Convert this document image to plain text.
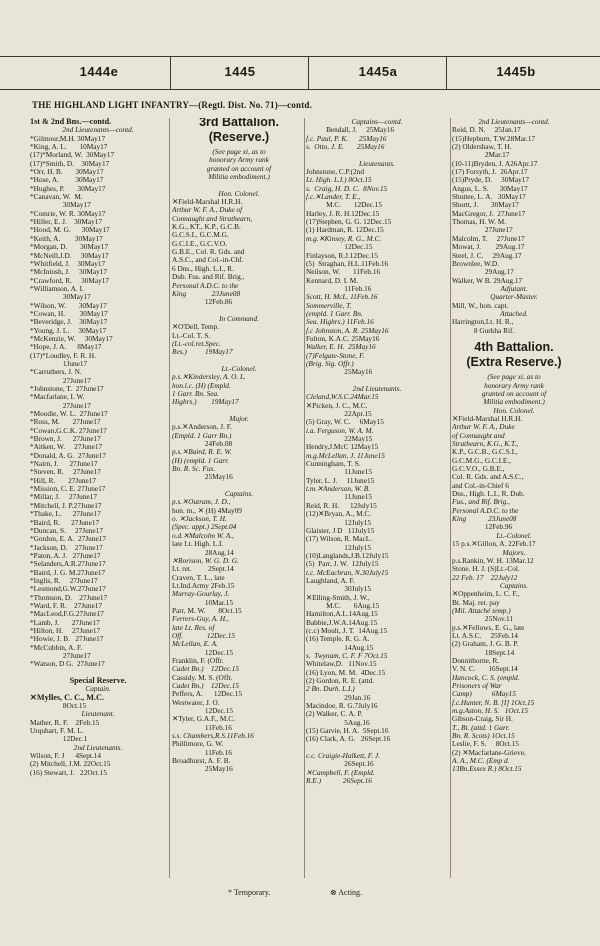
1444e	1445	1445a	1445b
THE HIGHLAND LIGHT INFANTRY—(Regtl. Dist. No. 71)—contd.
1st & 2nd Bns.—contd.
2nd Lieutenants—contd.
*Gilmour,M.H. 30May17
*King, A. L.       10May17
(17)*Morland, W.  30May17
(17)*Smith, D.    30May17
*Orr, H. B.       30May17
*Hose, A.         30May17
*Hughes, P.       30May17
*Canavan, W.  M.
30May17
*Comrie, W. R. 30May17
*Hiller, E. J.    30May17
*Hood, M. G.      30May17
*Keith, A.        30May17
*Morgan, D.       30May17
*McNeill,J.D.     30May17
*Whitfield, J.    30May17
*McIntosh, J.     30May17
*Crawford, R.     30May17
*Williamson, A. I.
30May17
*Wilson, W.       30May17
*Cowan, H.        30May17
*Beveridge, J.    30May17
*Young, J. L.     30May17
*McKenzie, W.     30May17
*Hope, J. A.      8May17
(17)*Loudley, F. R. H.
1June17
*Carruthers, J. N.
27June17
*Johnstone, T.  27June17
*Macfarlane, I. W.
27June17
*Moodie, W. L.  27June17
*Ross, M.       27June17
*Cowan,G.C.K. 27June17
*Brown, J.      27June17
*Aitken, W.     27June17
*Donald, A. G.  27June17
*Nairn, J.      27June17
*Steven, R.     27June17
*Hill, R.       27June17
*Mission, C. E. 27June17
*Millar, J.     27June17
*Mitchell, J. P.27June17
*Thake, L.      27June17
*Baird, R.      27June17
*Duncan, S.     27June17
*Gordon, E. A.  27June17
*Jackson, D.    27June17
*Paton, A. J.   27June17
*Selanders,A.R.27June17
*Baird, J. G. M.27June17
*Inglis, R.     27June17
*Lesmond,G.W.27June17
*Thomson, D.    27June17
*Ward, F. R.    27June17
*MacLeod,F.G.27June17
*Lamb, J.       27June17
*Hilton, H.     27June17
*Howie, J. B.   27June17
*McCubbin, A. F.
27June17
*Watson, D G.  27June17

Special Reserve.
Captain.
✕Mylles, C. C., M.C.
8Oct.15
Lieutenant.
Mather, R. F.    2Feb.15
Urquhart, F. M. L.
12Dec.1
2nd Lieutenants.
Wilson, F. J      4Sept.14
(2) Mitchell, J.M. 22Oct.15
(16) Stewart, J.   22Oct.15
3rd Battalion.
(Reserve.)
(See page xi, as to
honorary Army rank
granted on account of
Militia embodiment.)

Hon. Colonel.
✕Field-Marshal H.R.H.
Arthur W. F. A., Duke of
Connaught and Strathearn,
K.G., KT., K.P., G.C.B.
G.C.S.I., G.C.M.G.
G.C.I.E., G.C.V.O.
G.B.E., Col. R. Gds. and
A.S.C., and Col.-in-Chf.
6 Dns., High. L.I., R.
Dub. Fus. and Rif. Brig.,
Personal A.D.C. to the
King              23June08
12Feb.86

In Command.
✕O'Dell, Temp.
Lt.-Col. T. S.
(Lt.-col.ret.Spec.
Res.)          19May17

Lt.-Colonel.
p.s.✕Kindersley, A. O. L.
hon.l.c. (H) (Empld.
1 Garr. Bn. Sea.
Highrs.)        19May17

Major.
p.s.✕Anderson, J. F.
(Empld. 1 Garr Bn.)
24Feb.08
p.s.✕Baird, R. E. W.
(H) (empld. 1 Garr.
Bn. R. Sc. Fus.
25May16

Captains.
p.s.✕Outram, J. D.,
hon. m., ✕ (H) 4May09
o. ✕Jackson, T. H.
(Spec. appt.) 2Sept.04
o.d.✕Malcolm W. A.,
late Lt. High. L.I.
28Aug.14
✕Rorison, W. G. D. G.
Lt. ret.         2Sept.14
Craven, T. L., late
Lt.Ind.Army 2Feb.15
Murray-Gourlay, J.
10Mar.15
Parr, M. W.       8Oct.15
Ferrers-Guy, A. H.,
late Lt. Res. of
Off.             12Dec.15
McLellan, E. A.
12Dec.15
Franklin, F. (Offr.
Cadet Bn.)    12Dec.15
Cassidy. M. S. (Offr.
Cadet Bn.)    12Dec.15
Peffers, A.      12Dec.15
Westwater, J. O.
12Dec.15
✕Tyler, G.A.F., M.C.
11Feb.16
s.s. Chambers,R.S.11Feb.16
Phillimore, G. W.
11Feb.16
Broadhurst, A. F. B.
25May16
Captains—contd.
Bendall, J.     25May16
f.c. Paul, P. K.      25May16
s.  Otto, J. E.       25May16

Lieutenants.
Johnstone, C.P.(2nd
Lt. High. L.I.) 8Oct.15
s.  Craig, H. D. C.  8Nov.15
f.c.✕Lander, T. E.,
M.C.       12Dec.15
Harley, J. R. H.12Dec.15
(17)Stephen, G. G. 12Dec.15
(1) Hardman, R. 12Dec.15
m.g.✕Kinsey, R. G., M.C.
12Dec.15
Finlayson, R.J.12Dec.15
(5)  Straghan, H.L.11Feb.16
Neilson, W.       11Feb.16
Kennard, D. I. M.
11Feb.16
Scott, H. McL. 11Feb.16
Sommerville, T.
(empld. 1 Garr. Bn.
Sea. Highrs.) 11Feb.16
f.c Johnston, A. R. 25May16
Fulton, K.A.C. 25May16
Walker, E. H.  25May16
(7)Felgate-Stone, F.
(Brig. Sig. Offr.)
25May16

2nd Lieutenants.
Cleland,W.S.C.24Mar.15
✕Picken, J. C., M.C.
22Apr.15
(5) Gray, W. C.     6May15
i.a. Ferguson, W. A. M.
22May15
Hendry,J.McC 12May15
m.g.McLellan, J. 11June15
Cunningham, T. S.
11June15
Tyler, L. J.     11June15
t.m.✕Anderson, W. B.
11June15
Reid, R. H.      12July15
(12)✕Bryan, A., M.C.
12July15
Glaister, J D   11July15
(17) Wilson, R. MacL.
12July15
(10)Langlands,J.B.12July15
(5)  Parr, J. W.  12July15
t.c. McEachran, N.30July15
Laughland, A. F.
30July15
✕Elling-Smith, J. W.,
M.C.       6Aug.15
Hamilton,A.L.14Aug.15
Babbie,J.W.A.14Aug.15
(c.c) Moult, J. T.  14Aug.15
(16) Temple, R. G. A.
14Aug.15
s.  Twynam, C. F. F 7Oct.15
Whitelaw,D.   11Nov.15
(16) Lyon, M. M.  4Dec.15
(2) Gordon, R. E. (attd.
2 Bn. Durh. L.I.)
29Jan.16
Macindoe, R. G.7July16
(2) Walker, C. A. P.
5Aug.16
(15) Garvie, H. A.  5Sept.16
(16) Clark, A. G.   26Sept.16

c.c. Craigie-Halkett, F. J.
26Sept.16
✕Campbell, F. (Empld.
R.E.)            26Sept.16
2nd Lieutenants—contd.
Reid, D. N.     25Jan.17
(15)Hepburn, T.W.28Mar.17
(2) Oldershaw, T. H.
2Mar.17
(10-11)Bryden, J. A26Apr.17
(17) Forsyth, J.  26Apr.17
(15)Pryde, D.     30May17
Angus, L. S.      30May17
Shuttee, L. A.   30May17
Shortt, J.       30May17
MacGregor, J.  27June17
Thomas, H. W. M.
27June17
Malcolm, T.     27June17
Mowat, J.        29Aug.17
Steel, J. C.     29Aug.17
Brownlee, W.D.
29Aug.17
Walker, W B. 29Aug.17
Adjutant.
Quarter-Master.
Mill, W., hon. capt.
Attached.
Harrington,Lt. H. R.,
8 Gurkha Rif.

4th Battalion.
(Extra Reserve.)
(See page xi, as to
honorary Army rank
granted on account of
Militia embodiment.)
Hon. Colonel.
✕Field-Marshal H.R.H.
Arthur W. F. A., Duke
of Connaught and
Strathearn, K.G., K.T.,
K.P., G.C.B., G.C.S.I.,
G.C.M.G., G.C.I.E.,
G.C.V.O., G.B.E.,
Col. R. Gds. and A.S.C.,
and Col.-in-Chief 6
Dns., High. L.I., R. Dub.
Fus., and Rif. Brig.,
Personal A.D.C. to the
King            23June08
12Feb.96
Lt.-Colonel.
15 p.s.✕Gillon, A. 22Feb.17
Majors.
p.s.Rankin, W. H. 13Mar.12
Stone. H. J. (S)Lt.-Col.
22 Feb. 17    22July12
Captains.
✕Oppenheim, L. C. F.,
Bt. Maj. ret. pay
(Mil. Attaché temp.)
25Nov.11
p.s.✕Fellows, E. G., late
Lt. A.S.C.     25Feb.14
(2) Graham, J. G. B. P.
18Sept.14
Donnithorne, R.
V. N. C.       16Sept.14
Hancock, C. S. (empld.
Prisoners of War
Camp)           6May15
f.c.Hunter, N. B. [I] 1Oct.15
m.g.Aston, H. S.   1Oct.15
Gibson-Craig, Sir H.
T., Bt. (attd. 1 Garr.
Bn. R. Scots) 1Oct.15
Leslie, F. S.     8Oct.15
(2) ✕Macfarlane-Grieve,
A. A., M.C. (Emp d.
13Bn.Essex R.) 8Oct.15
* Temporary.	⊗ Acting.
